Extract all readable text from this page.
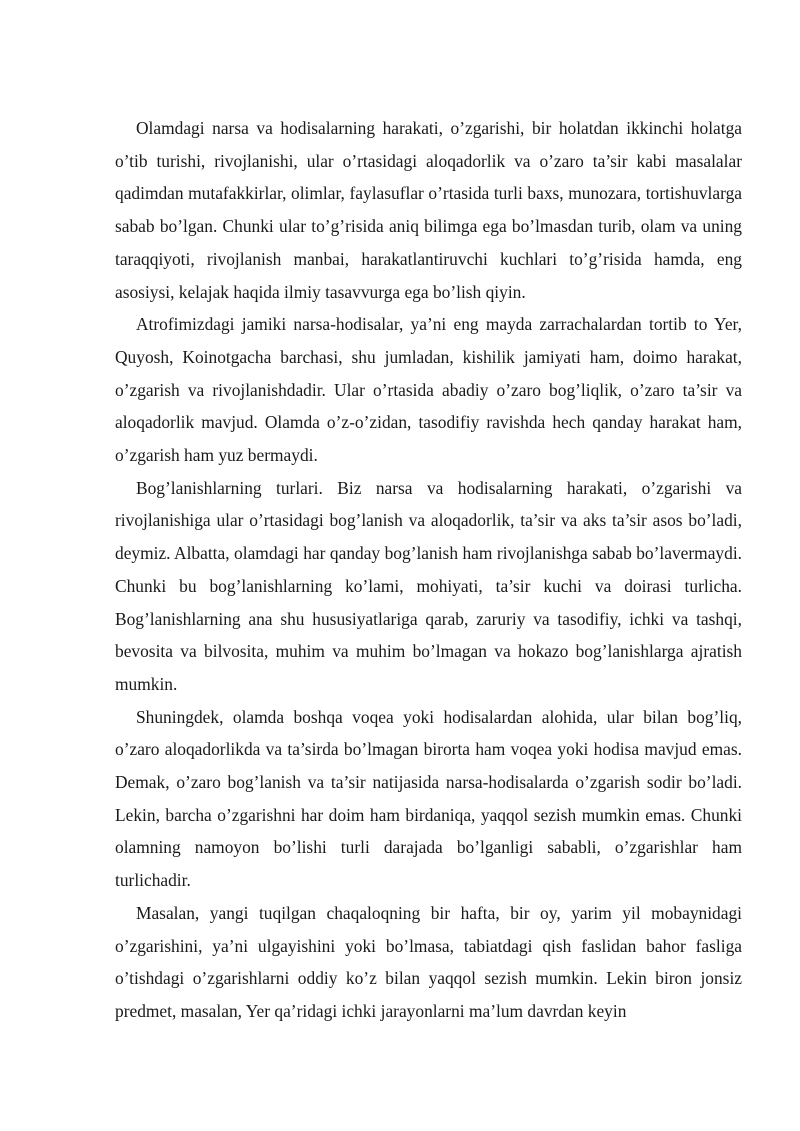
Olamdagi narsa va hodisalarning harakati, o’zgarishi, bir holatdan ikkinchi holatga o’tib turishi, rivojlanishi, ular o’rtasidagi aloqadorlik va o’zaro ta’sir kabi masalalar qadimdan mutafakkirlar, olimlar, faylasuflar o’rtasida turli baxs, munozara, tortishuvlarga sabab bo’lgan. Chunki ular to’g’risida aniq bilimga ega bo’lmasdan turib, olam va uning taraqqiyoti, rivojlanish manbai, harakatlantiruvchi kuchlari to’g’risida hamda, eng asosiysi, kelajak haqida ilmiy tasavvurga ega bo’lish qiyin.

Atrofimizdagi jamiki narsa-hodisalar, ya’ni eng mayda zarrachalardan tortib to Yer, Quyosh, Koinotgacha barchasi, shu jumladan, kishilik jamiyati ham, doimo harakat, o’zgarish va rivojlanishdadir. Ular o’rtasida abadiy o’zaro bog’liqlik, o’zaro ta’sir va aloqadorlik mavjud. Olamda o’z-o’zidan, tasodifiy ravishda hech qanday harakat ham, o’zgarish ham yuz bermaydi.

Bog’lanishlarning turlari. Biz narsa va hodisalarning harakati, o’zgarishi va rivojlanishiga ular o’rtasidagi bog’lanish va aloqadorlik, ta’sir va aks ta’sir asos bo’ladi, deymiz. Albatta, olamdagi har qanday bog’lanish ham rivojlanishga sabab bo’lavermaydi. Chunki bu bog’lanishlarning ko’lami, mohiyati, ta’sir kuchi va doirasi turlicha. Bog’lanishlarning ana shu hususiyatlariga qarab, zaruriy va tasodifiy, ichki va tashqi, bevosita va bilvosita, muhim va muhim bo’lmagan va hokazo bog’lanishlarga ajratish mumkin.

Shuningdek, olamda boshqa voqea yoki hodisalardan alohida, ular bilan bog’liq, o’zaro aloqadorlikda va ta’sirda bo’lmagan birorta ham voqea yoki hodisa mavjud emas. Demak, o’zaro bog’lanish va ta’sir natijasida narsa-hodisalarda o’zgarish sodir bo’ladi. Lekin, barcha o’zgarishni har doim ham birdaniqa, yaqqol sezish mumkin emas. Chunki olamning namoyon bo’lishi turli darajada bo’lganligi sababli, o’zgarishlar ham turlichadir.

Masalan, yangi tuqilgan chaqaloqning bir hafta, bir oy, yarim yil mobaynidagi o’zgarishini, ya’ni ulgayishini yoki bo’lmasa, tabiatdagi qish faslidan bahor fasliga o’tishdagi o’zgarishlarni oddiy ko’z bilan yaqqol sezish mumkin. Lekin biron jonsiz predmet, masalan, Yer qa’ridagi ichki jarayonlarni ma’lum davrdan keyin
